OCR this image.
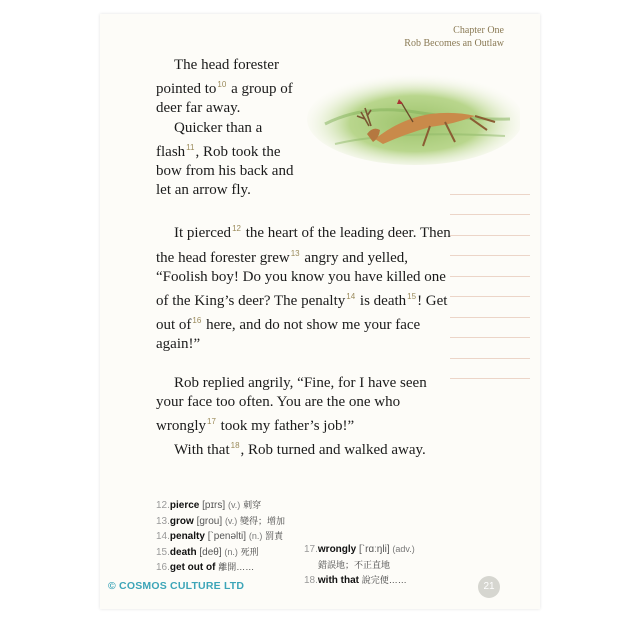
Chapter One
Rob Becomes an Outlaw

The head forester pointed to$^{10}$ a group of deer far away.

Quicker than a flash$^{11}$, Rob took the bow from his back and let an arrow fly.

It pierced$^{12}$ the heart of the leading deer. Then the head forester grew$^{13}$ angry and yelled, “Foolish boy! Do you know you have killed one of the King’s deer? The penalty$^{14}$ is death$^{15}$! Get out of$^{16}$ here, and do not show me your face again!”

Rob replied angrily, “Fine, for I have seen your face too often. You are the one who wrongly$^{17}$ took my father’s job!”

With that$^{18}$, Rob turned and walked away.

12.pierce [pɪrs] (v.) 刺穿
13.grow [grou] (v.) 變得；增加
14.penalty [`penəlti] (n.) 罰責
15.death [deθ] (n.) 死刑
16.get out of 離開……
17.wrongly [`rɑːŋli] (adv.)
錯誤地；不正直地
18.with that 說完便……
© COSMOS CULTURE LTD	21
